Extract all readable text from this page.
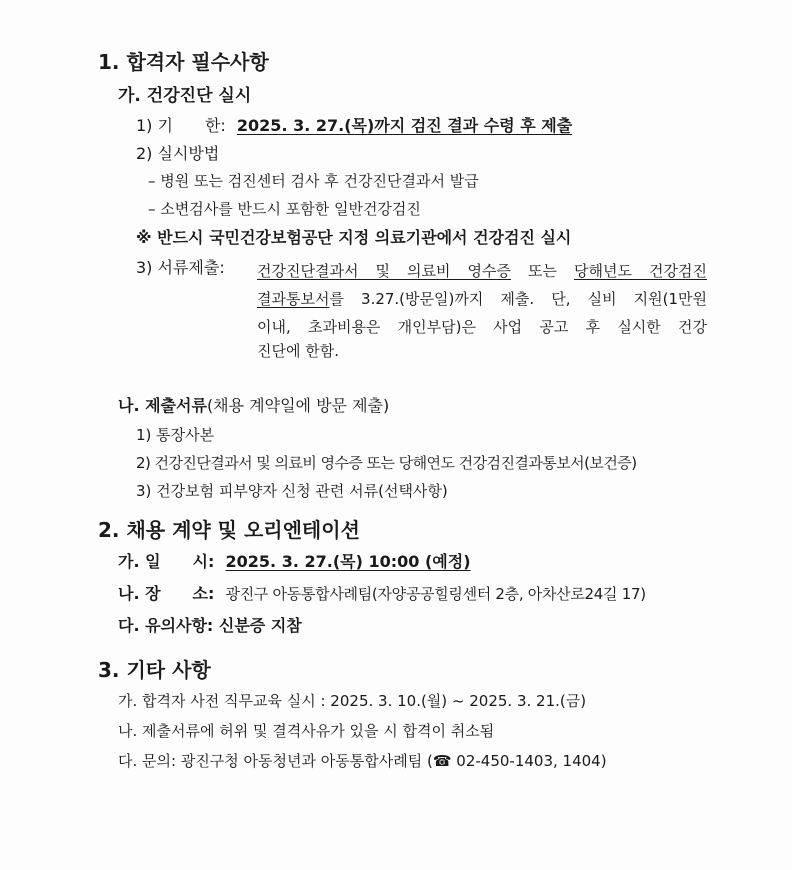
1. 합격자 필수사항
가. 건강진단 실시
1) 기　　한: 2025. 3. 27.(목)까지 검진 결과 수령 후 제출
2) 실시방법
– 병원 또는 검진센터 검사 후 건강진단결과서 발급
– 소변검사를 반드시 포함한 일반건강검진
※ 반드시 국민건강보험공단 지정 의료기관에서 건강검진 실시
3) 서류제출: 건강진단결과서 및 의료비 영수증 또는 당해년도 건강검진
결과통보서를 3.27.(방문일)까지 제출. 단, 실비 지원(1만원
이내, 초과비용은 개인부담)은 사업 공고 후 실시한 건강
진단에 한함.
나. 제출서류(채용 계약일에 방문 제출)
1) 통장사본
2) 건강진단결과서 및 의료비 영수증 또는 당해연도 건강검진결과통보서(보건증)
3) 건강보험 피부양자 신청 관련 서류(선택사항)
2. 채용 계약 및 오리엔테이션
가. 일　　시: 2025. 3. 27.(목) 10:00 (예정)
나. 장　　소: 광진구 아동통합사례팀(자양공공힐링센터 2층, 아차산로24길 17)
다. 유의사항: 신분증 지참
3. 기타 사항
가. 합격자 사전 직무교육 실시 : 2025. 3. 10.(월) ~ 2025. 3. 21.(금)
나. 제출서류에 허위 및 결격사유가 있을 시 합격이 취소됨
다. 문의: 광진구청 아동청년과 아동통합사례팀 (☎ 02-450-1403, 1404)
